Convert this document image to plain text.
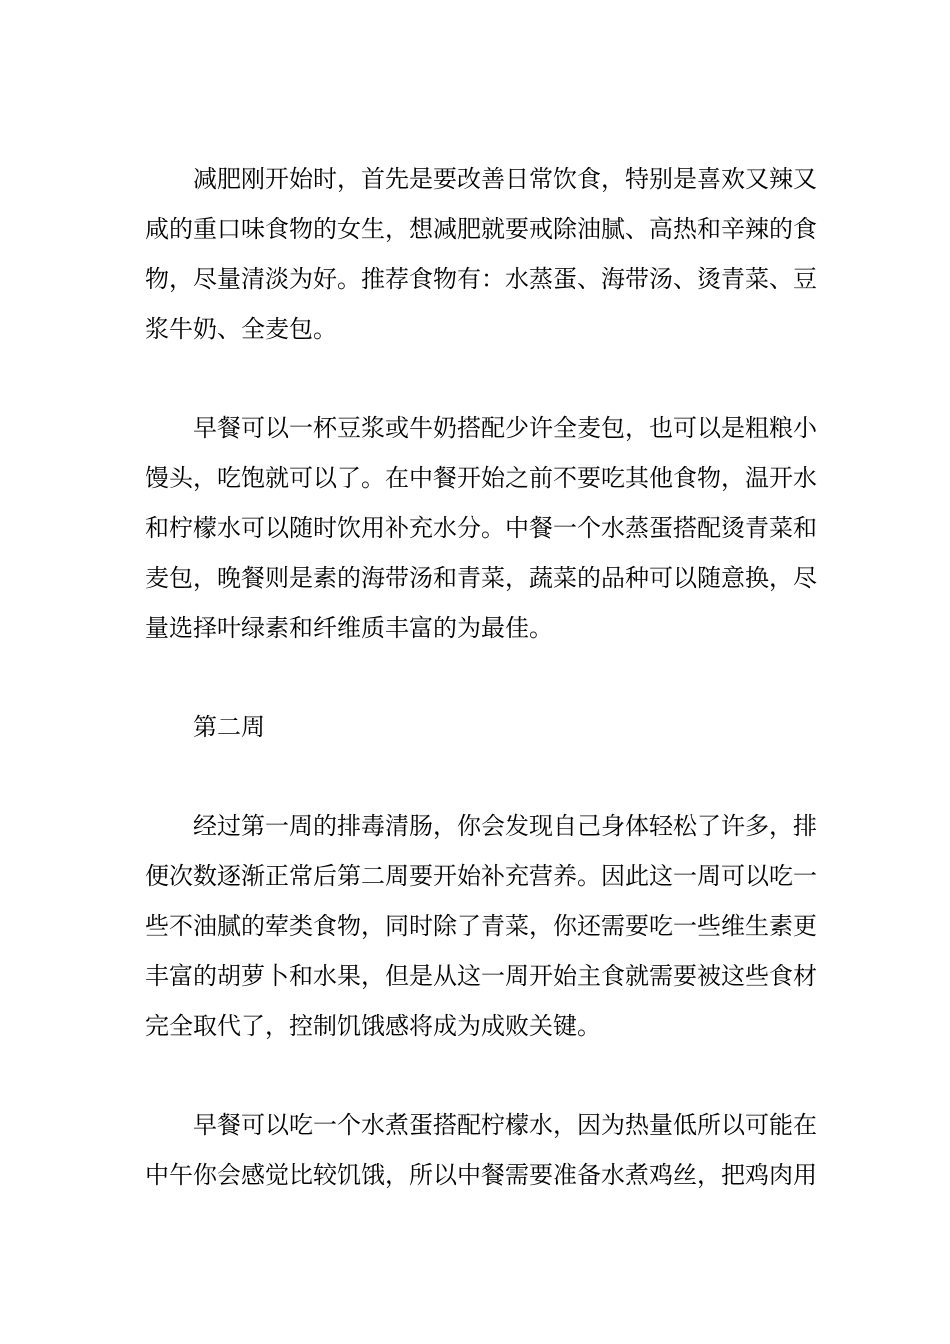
减肥刚开始时，首先是要改善日常饮食，特别是喜欢又辣又
咸的重口味食物的女生，想减肥就要戒除油腻、高热和辛辣的食
物，尽量清淡为好。推荐食物有：水蒸蛋、海带汤、烫青菜、豆
浆牛奶、全麦包。
早餐可以一杯豆浆或牛奶搭配少许全麦包，也可以是粗粮小
馒头，吃饱就可以了。在中餐开始之前不要吃其他食物，温开水
和柠檬水可以随时饮用补充水分。中餐一个水蒸蛋搭配烫青菜和
麦包，晚餐则是素的海带汤和青菜，蔬菜的品种可以随意换，尽
量选择叶绿素和纤维质丰富的为最佳。
第二周
经过第一周的排毒清肠，你会发现自己身体轻松了许多，排
便次数逐渐正常后第二周要开始补充营养。因此这一周可以吃一
些不油腻的荤类食物，同时除了青菜，你还需要吃一些维生素更
丰富的胡萝卜和水果，但是从这一周开始主食就需要被这些食材
完全取代了，控制饥饿感将成为成败关键。
早餐可以吃一个水煮蛋搭配柠檬水，因为热量低所以可能在
中午你会感觉比较饥饿，所以中餐需要准备水煮鸡丝，把鸡肉用
